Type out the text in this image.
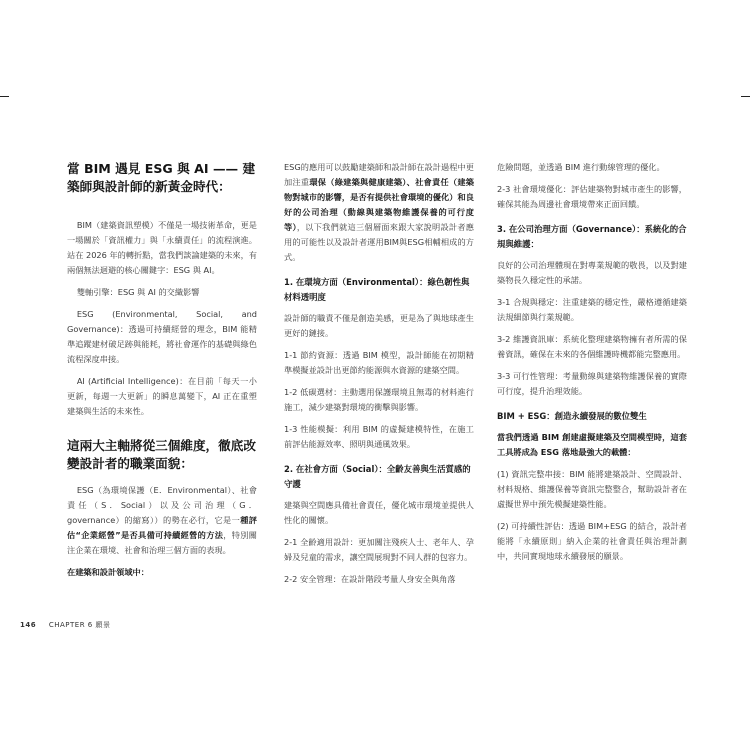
當 BIM 遇見 ESG 與 AI —— 建築師與設計師的新黃金時代：

BIM（建築資訊塑模）不僅是一場技術革命，更是一場關於「資訊權力」與「永續責任」的流程演進。站在 2026 年的轉折點，當我們談論建築的未來，有兩個無法迴避的核心關鍵字：ESG 與 AI。

雙軸引擎：ESG 與 AI 的交織影響

ESG (Environmental, Social, and Governance)：透過可持續經營的理念，BIM 能精準追蹤建材破足跡與能耗，將社會運作的基礎與綠色流程深度串接。

AI (Artificial Intelligence)：在目前「每天一小更新，每週一大更新」的瞬息萬變下，AI 正在重塑建築與生活的未來性。

這兩大主軸將從三個維度，徹底改變設計者的職業面貌：

ESG（為環境保護（E．Environmental）、社會責任（S．Social）以及公司治理（G．governance）的縮寫））的勢在必行，它是一種評估“企業經營”是否具備可持續經營的方法，特別關注企業在環境、社會和治理三個方面的表現。

在建築和設計領域中：

ESG的應用可以鼓勵建築師和設計師在設計過程中更加注重環保（綠建築與健康建築）、社會責任（建築物對城市的影響，是否有提供社會環境的優化）和良好的公司治理（動線與建築物維護保養的可行度等），以下我們就這三個層面來跟大家說明設計者應用的可能性以及設計者運用BIM與ESG相輔相成的方式。

1. 在環境方面（Environmental）：綠色韌性與材料透明度

設計師的職責不僅是創造美感，更是為了與地球產生更好的鏈接。

1-1 節約資源：透過 BIM 模型，設計師能在初期精準模擬並設計出更節約能源與水資源的建築空間。

1-2 低碳選材：主動選用保護環境且無毒的材料進行施工，減少建築對環境的衝擊與影響。

1-3 性能模擬：利用 BIM 的虛擬建模特性，在施工前評估能源效率、照明與通風效果。

2. 在社會方面（Social）：全齡友善與生活質感的守護

建築與空間應具備社會責任，優化城市環境並提供人性化的關懷。

2-1 全齡適用設計：更加關注殘疾人士、老年人、孕婦及兒童的需求，讓空間展現對不同人群的包容力。

2-2 安全管理：在設計階段考量人身安全與角落

危險問題，並透過 BIM 進行動線管理的優化。

2-3 社會環境優化：評估建築物對城市產生的影響，確保其能為周邊社會環境帶來正面回饋。

3. 在公司治理方面（Governance）：系統化的合規與維護：

良好的公司治理體現在對專業規範的敬畏，以及對建築物長久穩定性的承諾。

3-1 合規與穩定：注重建築的穩定性，嚴格遵循建築法規細節與行業規範。

3-2 維護資訊庫：系統化整理建築物擁有者所需的保養資訊，確保在未來的各個維護時機都能完整應用。

3-3 可行性管理：考量動線與建築物維護保養的實際可行度，提升治理效能。

BIM + ESG：創造永續發展的數位雙生

當我們透過 BIM 創建虛擬建築及空間模型時，這套工具將成為 ESG 落地最強大的載體：

(1) 資訊完整串接：BIM 能將建築設計、空間設計、材料規格、維護保養等資訊完整整合，幫助設計者在虛擬世界中預先模擬建築性能。

(2) 可持續性評估：透過 BIM+ESG 的結合，設計者能將「永續原則」納入企業的社會責任與治理計劃中，共同實現地球永續發展的願景。

146 CHAPTER 6 願景
